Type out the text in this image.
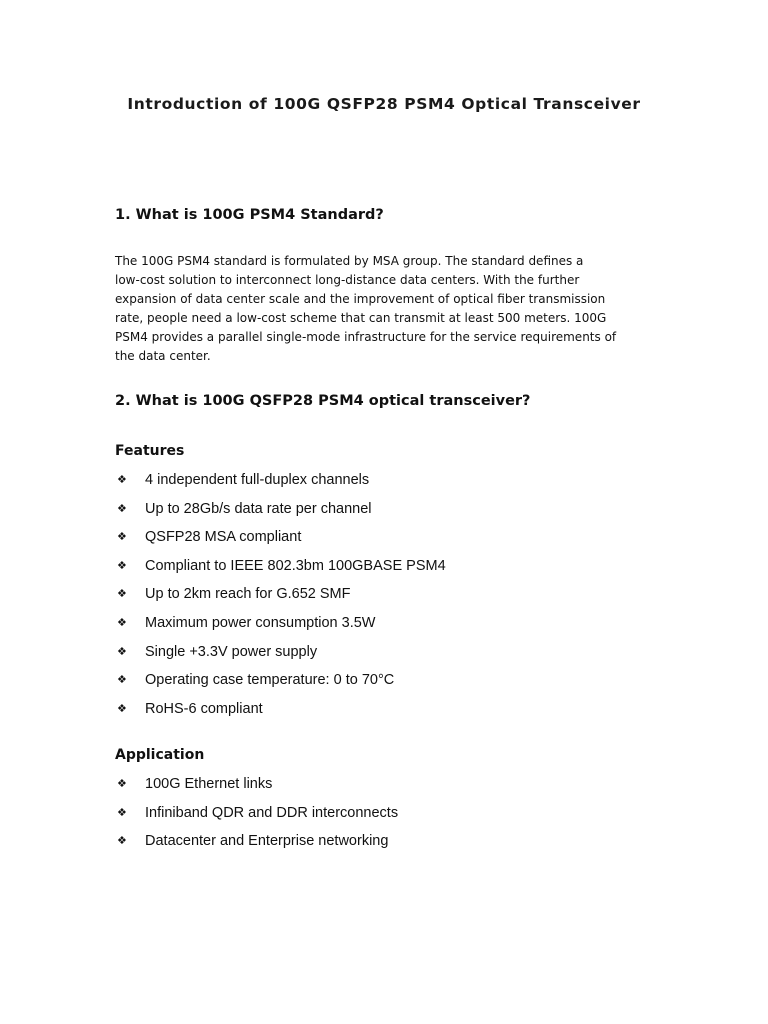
Introduction of 100G QSFP28 PSM4 Optical Transceiver
1. What is 100G PSM4 Standard?
The 100G PSM4 standard is formulated by MSA group. The standard defines a
low-cost solution to interconnect long-distance data centers. With the further
expansion of data center scale and the improvement of optical fiber transmission
rate, people need a low-cost scheme that can transmit at least 500 meters. 100G
PSM4 provides a parallel single-mode infrastructure for the service requirements of
the data center.
2. What is 100G QSFP28 PSM4 optical transceiver?
Features
❖ 4 independent full-duplex channels
❖ Up to 28Gb/s data rate per channel
❖ QSFP28 MSA compliant
❖ Compliant to IEEE 802.3bm 100GBASE PSM4
❖ Up to 2km reach for G.652 SMF
❖ Maximum power consumption 3.5W
❖ Single +3.3V power supply
❖ Operating case temperature: 0 to 70°C
❖ RoHS-6 compliant
Application
❖ 100G Ethernet links
❖ Infiniband QDR and DDR interconnects
❖ Datacenter and Enterprise networking
